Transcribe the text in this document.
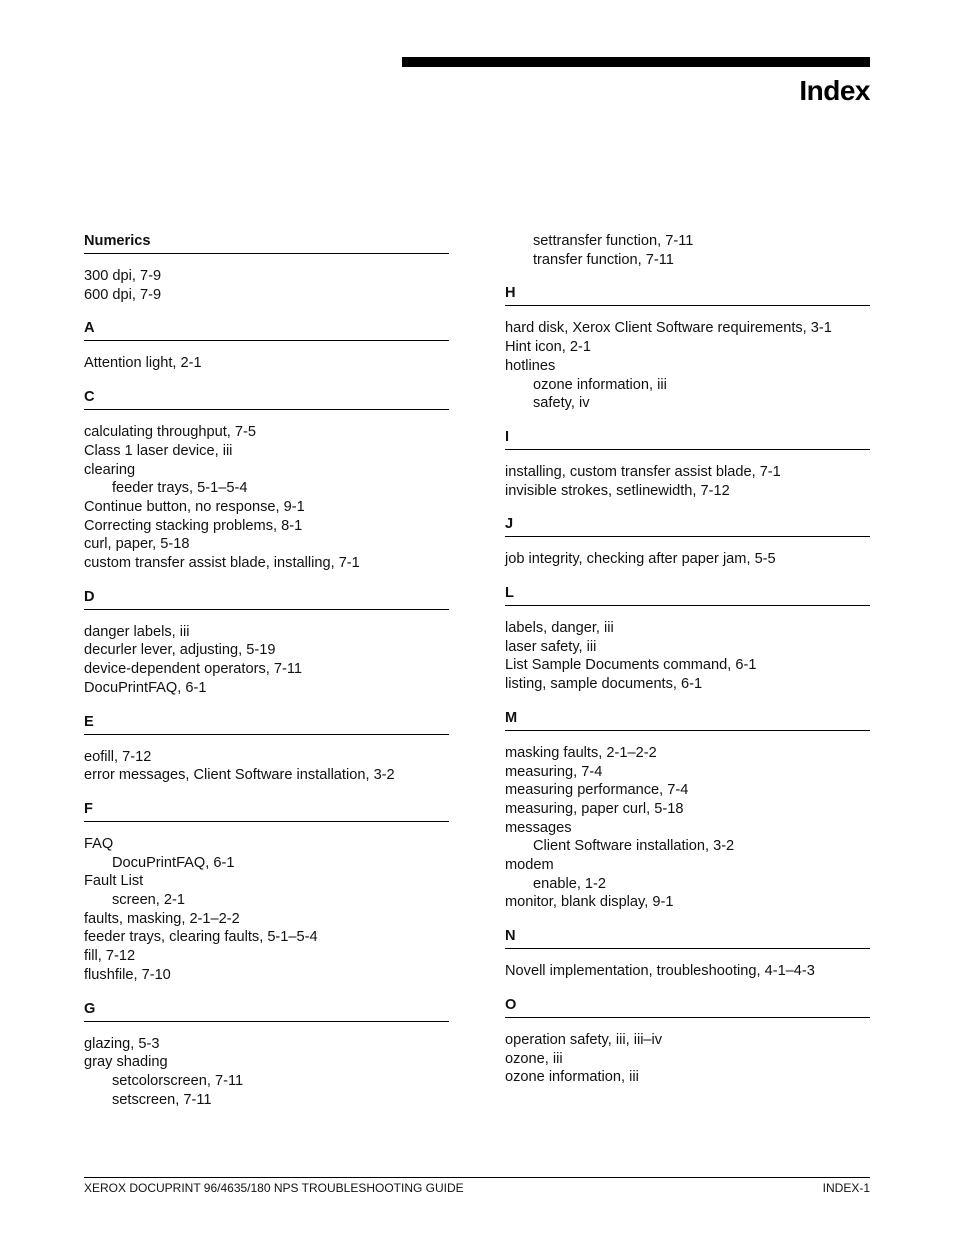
Index
Numerics
300 dpi, 7-9
600 dpi, 7-9
A
Attention light, 2-1
C
calculating throughput, 7-5
Class 1 laser device, iii
clearing
feeder trays, 5-1–5-4
Continue button, no response, 9-1
Correcting stacking problems, 8-1
curl, paper, 5-18
custom transfer assist blade, installing, 7-1
D
danger labels, iii
decurler lever, adjusting, 5-19
device-dependent operators, 7-11
DocuPrintFAQ, 6-1
E
eofill, 7-12
error messages, Client Software installation, 3-2
F
FAQ
DocuPrintFAQ, 6-1
Fault List
screen, 2-1
faults, masking, 2-1–2-2
feeder trays, clearing faults, 5-1–5-4
fill, 7-12
flushfile, 7-10
G
glazing, 5-3
gray shading
setcolorscreen, 7-11
setscreen, 7-11
settransfer function, 7-11
transfer function, 7-11
H
hard disk, Xerox Client Software requirements, 3-1
Hint icon, 2-1
hotlines
ozone information, iii
safety, iv
I
installing, custom transfer assist blade, 7-1
invisible strokes, setlinewidth, 7-12
J
job integrity, checking after paper jam, 5-5
L
labels, danger, iii
laser safety, iii
List Sample Documents command, 6-1
listing, sample documents, 6-1
M
masking faults, 2-1–2-2
measuring, 7-4
measuring performance, 7-4
measuring, paper curl, 5-18
messages
Client Software installation, 3-2
modem
enable, 1-2
monitor, blank display, 9-1
N
Novell implementation, troubleshooting, 4-1–4-3
O
operation safety, iii, iii–iv
ozone, iii
ozone information, iii
XEROX DOCUPRINT 96/4635/180 NPS TROUBLESHOOTING GUIDE	INDEX-1
